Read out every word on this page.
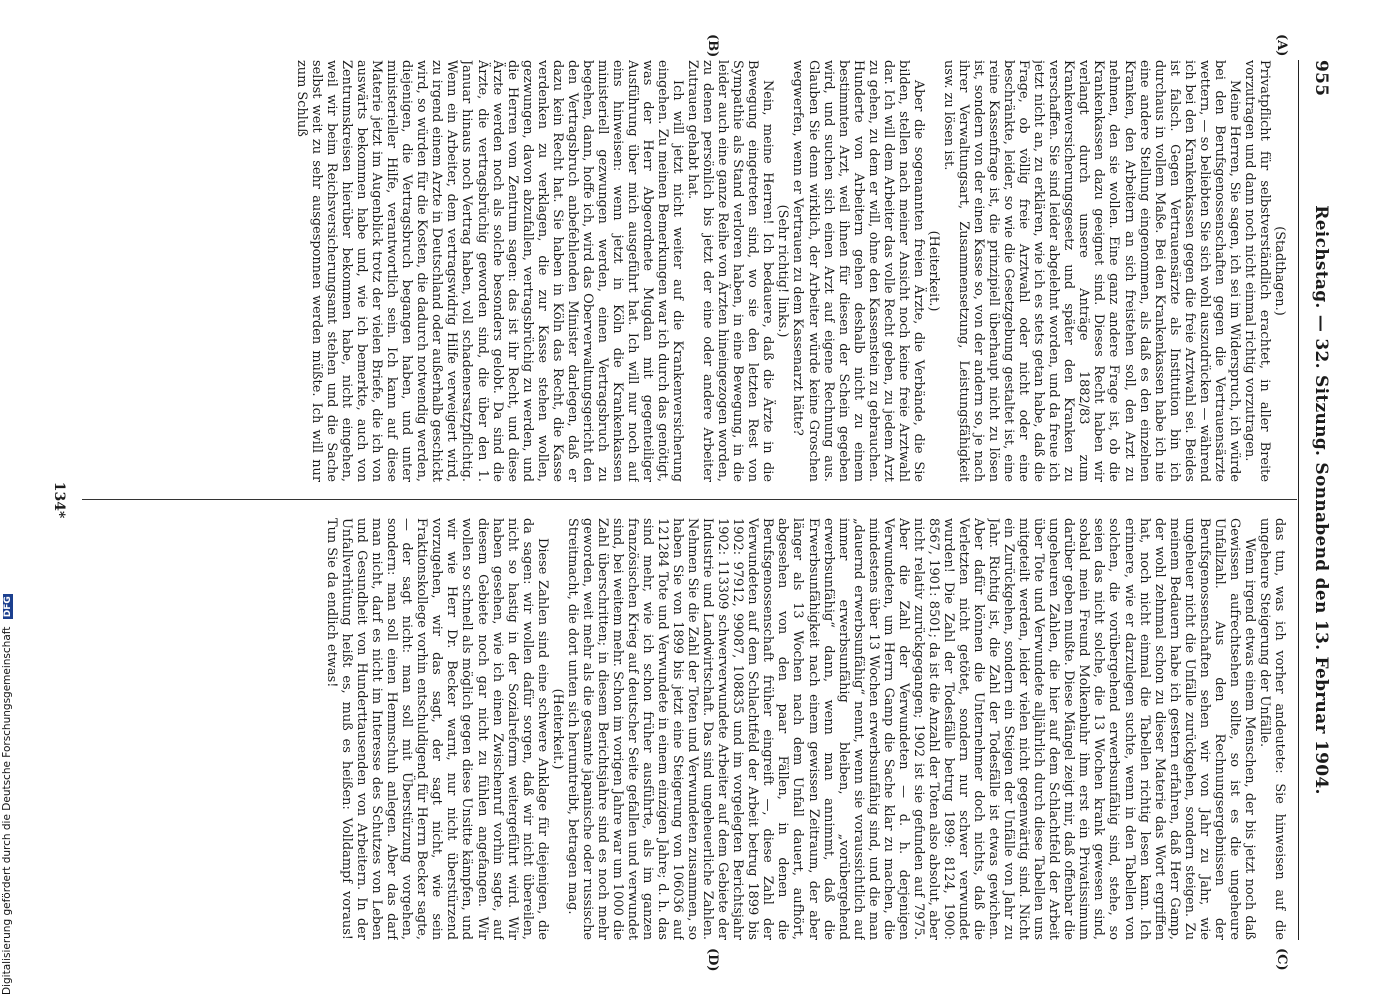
955
Reichstag. — 32. Sitzung. Sonnabend den 13. Februar 1904.
(A)
(B)
(C)
(D)

(Stadthagen.)

Privatpflicht für selbstverständlich erachtet, in aller Breite vorzutragen und dann noch nicht einmal richtig vorzutragen.

Meine Herren, Sie sagen, ich sei im Widerspruch, ich würde bei den Berufsgenossenschaften gegen die Vertrauensärzte wettern, — so beliebten Sie sich wohl auszudrücken — während ich bei den Krankenkassen gegen die freie Arztwahl sei. Beides ist falsch. Gegen Vertrauensärzte als Institution bin ich durchaus in vollem Maße. Bei den Krankenkassen habe ich nie eine andere Stellung eingenommen, als daß es den einzelnen Kranken, den Arbeitern an sich freistehen soll, den Arzt zu nehmen, den sie wollen. Eine ganz andere Frage ist, ob die Krankenkassen dazu geeignet sind. Dieses Recht haben wir verlangt durch unsere Anträge 1882/83 zum Krankenversicherungsgesetz und später den Kranken zu verschaffen. Sie sind leider abgelehnt worden, und da freue ich jetzt nicht an, zu erklären, wie ich es stets getan habe, daß die Frage, ob völlig freie Arztwahl oder nicht oder eine beschränkte, leider, so wie die Gesetzgebung gestaltet ist, eine reine Kassenfrage ist, die prinzipiell überhaupt nicht zu lösen ist, sondern von der einen Kasse so, von der andern so, je nach ihrer Verwaltungsart, Zusammensetzung, Leistungsfähigkeit usw. zu lösen ist.

(Heiterkeit.)

Aber die sogenannten freien Ärzte, die Verbände, die Sie bilden, stellen nach meiner Ansicht noch keine freie Arztwahl dar. Ich will dem Arbeiter das volle Recht geben, zu jedem Arzt zu gehen, zu dem er will, ohne den Kassenstein zu gebrauchen. Hunderte von Arbeitern gehen deshalb nicht zu einem bestimmten Arzt, weil ihnen für diesen der Schein gegeben wird, und suchen sich einen Arzt auf eigene Rechnung aus. Glauben Sie denn wirklich, der Arbeiter würde keine Groschen wegwerfen, wenn er Vertrauen zu dem Kassenarzt hätte?

(Sehr richtig! links.)

Nein, meine Herren! Ich bedauere, daß die Ärzte in die Bewegung eingetreten sind, wo sie den letzten Rest von Sympathie als Stand verloren haben, in eine Bewegung, in die leider auch eine ganze Reihe von Ärzten hineingezogen worden, zu denen persönlich bis jetzt der eine oder andere Arbeiter Zutrauen gehabt hat.

Ich will jetzt nicht weiter auf die Krankenversicherung eingehen. Zu meinen Bemerkungen war ich durch das genötigt, was der Herr Abgeordnete Mugdan mit gegenteiliger Ausführung über mich ausgeführt hat. Ich will nur noch auf eins hinweisen: wenn jetzt in Köln die Krankenkassen ministeriell gezwungen werden, einen Vertragsbruch zu begehen, dann, hoffe ich, wird das Oberverwaltungsgericht den den Vertragsbruch anbefehlenden Minister darlegen, daß er dazu kein Recht hat. Sie haben in Köln das Recht, die Kasse verdenken zu verklagen, die zur Kasse stehen wollen, gezwungen, davon abzufallen, vertragsbrüchig zu werden, und die Herren vom Zentrum sagen: das ist ihr Recht, und diese Ärzte werden noch als solche besonders gelobt. Da sind die Ärzte, die vertragsbrüchig geworden sind, die über den 1. Januar hinaus noch Vertrag haben, voll schadenersatzpflichtig. Wenn ein Arbeiter, dem vertragswidrig Hilfe verweigert wird, zu irgend einem Arzte in Deutschland oder außerhalb geschickt wird, so würden für die Kosten, die dadurch notwendig werden, diejenigen, die Vertragsbruch begangen haben, und unter ministerieller Hilfe, verantwortlich sein. Ich kann auf diese Materie jetzt im Augenblick trotz der vielen Briefe, die ich von auswärts bekommen habe und, wie ich bemerkte, auch von Zentrumskreisen hierüber bekommen habe, nicht eingehen, weil wir beim Reichsversicherungsamt stehen und die Sache selbst weit zu sehr ausgesponnen werden müßte. Ich will nur zum Schluß

das tun, was ich vorher andeutete: Sie hinweisen auf die ungeheure Steigerung der Unfälle.

Wenn irgend etwas einem Menschen, der bis jetzt noch daß Gewissen aufrechtsehen sollte, so ist es die ungeheure Unfallzahl. Aus den Rechnungsergebnissen der Berufsgenossenschaften sehen wir von Jahr zu Jahr, wie ungeheuer nicht die Unfälle zurückgehen, sondern steigen. Zu meinem Bedauern habe ich gestern erfahren, daß Herr Gamp, der wohl zehnmal schon zu dieser Materie das Wort ergriffen hat, noch nicht einmal die Tabellen richtig lesen kann. Ich erinnere, wie er darzulegen suchte, wenn in den Tabellen von solchen, die vorübergehend erwerbsunfähig sind, stehe, so seien das nicht solche, die 13 Wochen krank gewesen sind, sobald mein Freund Molkenbuhr ihm erst ein Privatissimum darüber geben mußte. Diese Mängel zeigt mir, daß offenbar die ungeheuren Zahlen, die hier auf dem Schlachtfeld der Arbeit über Tote und Verwundete alljährlich durch diese Tabellen uns mitgeteilt werden, leider vielen nicht gegenwärtig sind. Nicht ein Zurückgehen, sondern ein Steigen der Unfälle von Jahr zu Jahr. Richtig ist, die Zahl der Todesfälle ist etwas gewichen. Aber dafür können die Unternehmer doch nichts, daß die Verletzten nicht getötet, sondern nur schwer verwundet wurden! Die Zahl der Todesfälle betrug 1899: 8124, 1900: 8567, 1901: 8501; da ist die Anzahl der Toten also absolut, aber nicht relativ zurückgegangen; 1902 ist sie gefunden auf 7975. Aber die Zahl der Verwundeten — d. h. derjenigen Verwundeten, um Herrn Gamp die Sache klar zu machen, die mindestens über 13 Wochen erwerbsunfähig sind, und die man „dauernd erwerbsunfähig“ nennt, wenn sie voraussichtlich auf immer erwerbsunfähig bleiben, „vorübergehend erwerbsunfähig“ dann, wenn man annimmt, daß die Erwerbsunfähigkeit nach einem gewissen Zeitraum, der aber länger als 13 Wochen nach dem Unfall dauert, aufhört, abgesehen von den paar Fällen, in denen die Berufsgenossenschaft früher eingreift —, diese Zahl der Verwundeten auf dem Schlachtfeld der Arbeit betrug 1899 bis 1902: 97912, 99087, 108835 und im vorgelegten Berichtsjahr 1902: 113309 schwerverwundete Arbeiter auf dem Gebiete der Industrie und Landwirtschaft. Das sind ungeheuerliche Zahlen. Nehmen Sie die Zahl der Toten und Verwundeten zusammen, so haben Sie von 1899 bis jetzt eine Steigerung von 106036 auf 121284 Tote und Verwundete in einem einzigen Jahre; d. h. das sind mehr, wie ich schon früher ausführte, als im ganzen französischen Krieg auf deutscher Seite gefallen und verwundet sind, bei weitem mehr. Schon im vorigen Jahre war um 1000 die Zahl überschritten; in diesem Berichtsjahre sind es noch mehr geworden, weit mehr als die gesamte japanische oder russische Streitmacht, die dort unten sich herumtreibt, betragen mag.

(Heiterkeit.)

Diese Zahlen sind eine schwere Anklage für diejenigen, die da sagen: wir wollen dafür sorgen, daß wir nicht übereilen, nicht so hastig in der Sozialreform weitergeführt wird. Wir haben gesehen, wie ich einen Zwischenruf vorhin sagte, auf diesem Gebiete noch gar nicht zu fühlen angefangen. Wir wollen so schnell als möglich gegen diese Unsitte kämpfen, und wir wie Herr Dr. Becker warnt, nur nicht überstürzend vorzugehen, wir das sagt, der sagt nicht, wie sein Fraktionskollege vorhin entschuldigend für Herrn Becker sagte, — der sagt nicht: man soll mit Überstürzung vorgehen, sondern: man soll einen Hemmschuh anlegen. Aber das darf man nicht, darf es nicht im Interesse des Schutzes von Leben und Gesundheit von Hunderttausenden von Arbeitern. In der Unfallverhütung heißt es, muß es heißen: Volldampf voraus! Tun Sie da endlich etwas!

134*
Digitalisierung gefördert durch die Deutsche Forschungsgemeinschaft DFG
